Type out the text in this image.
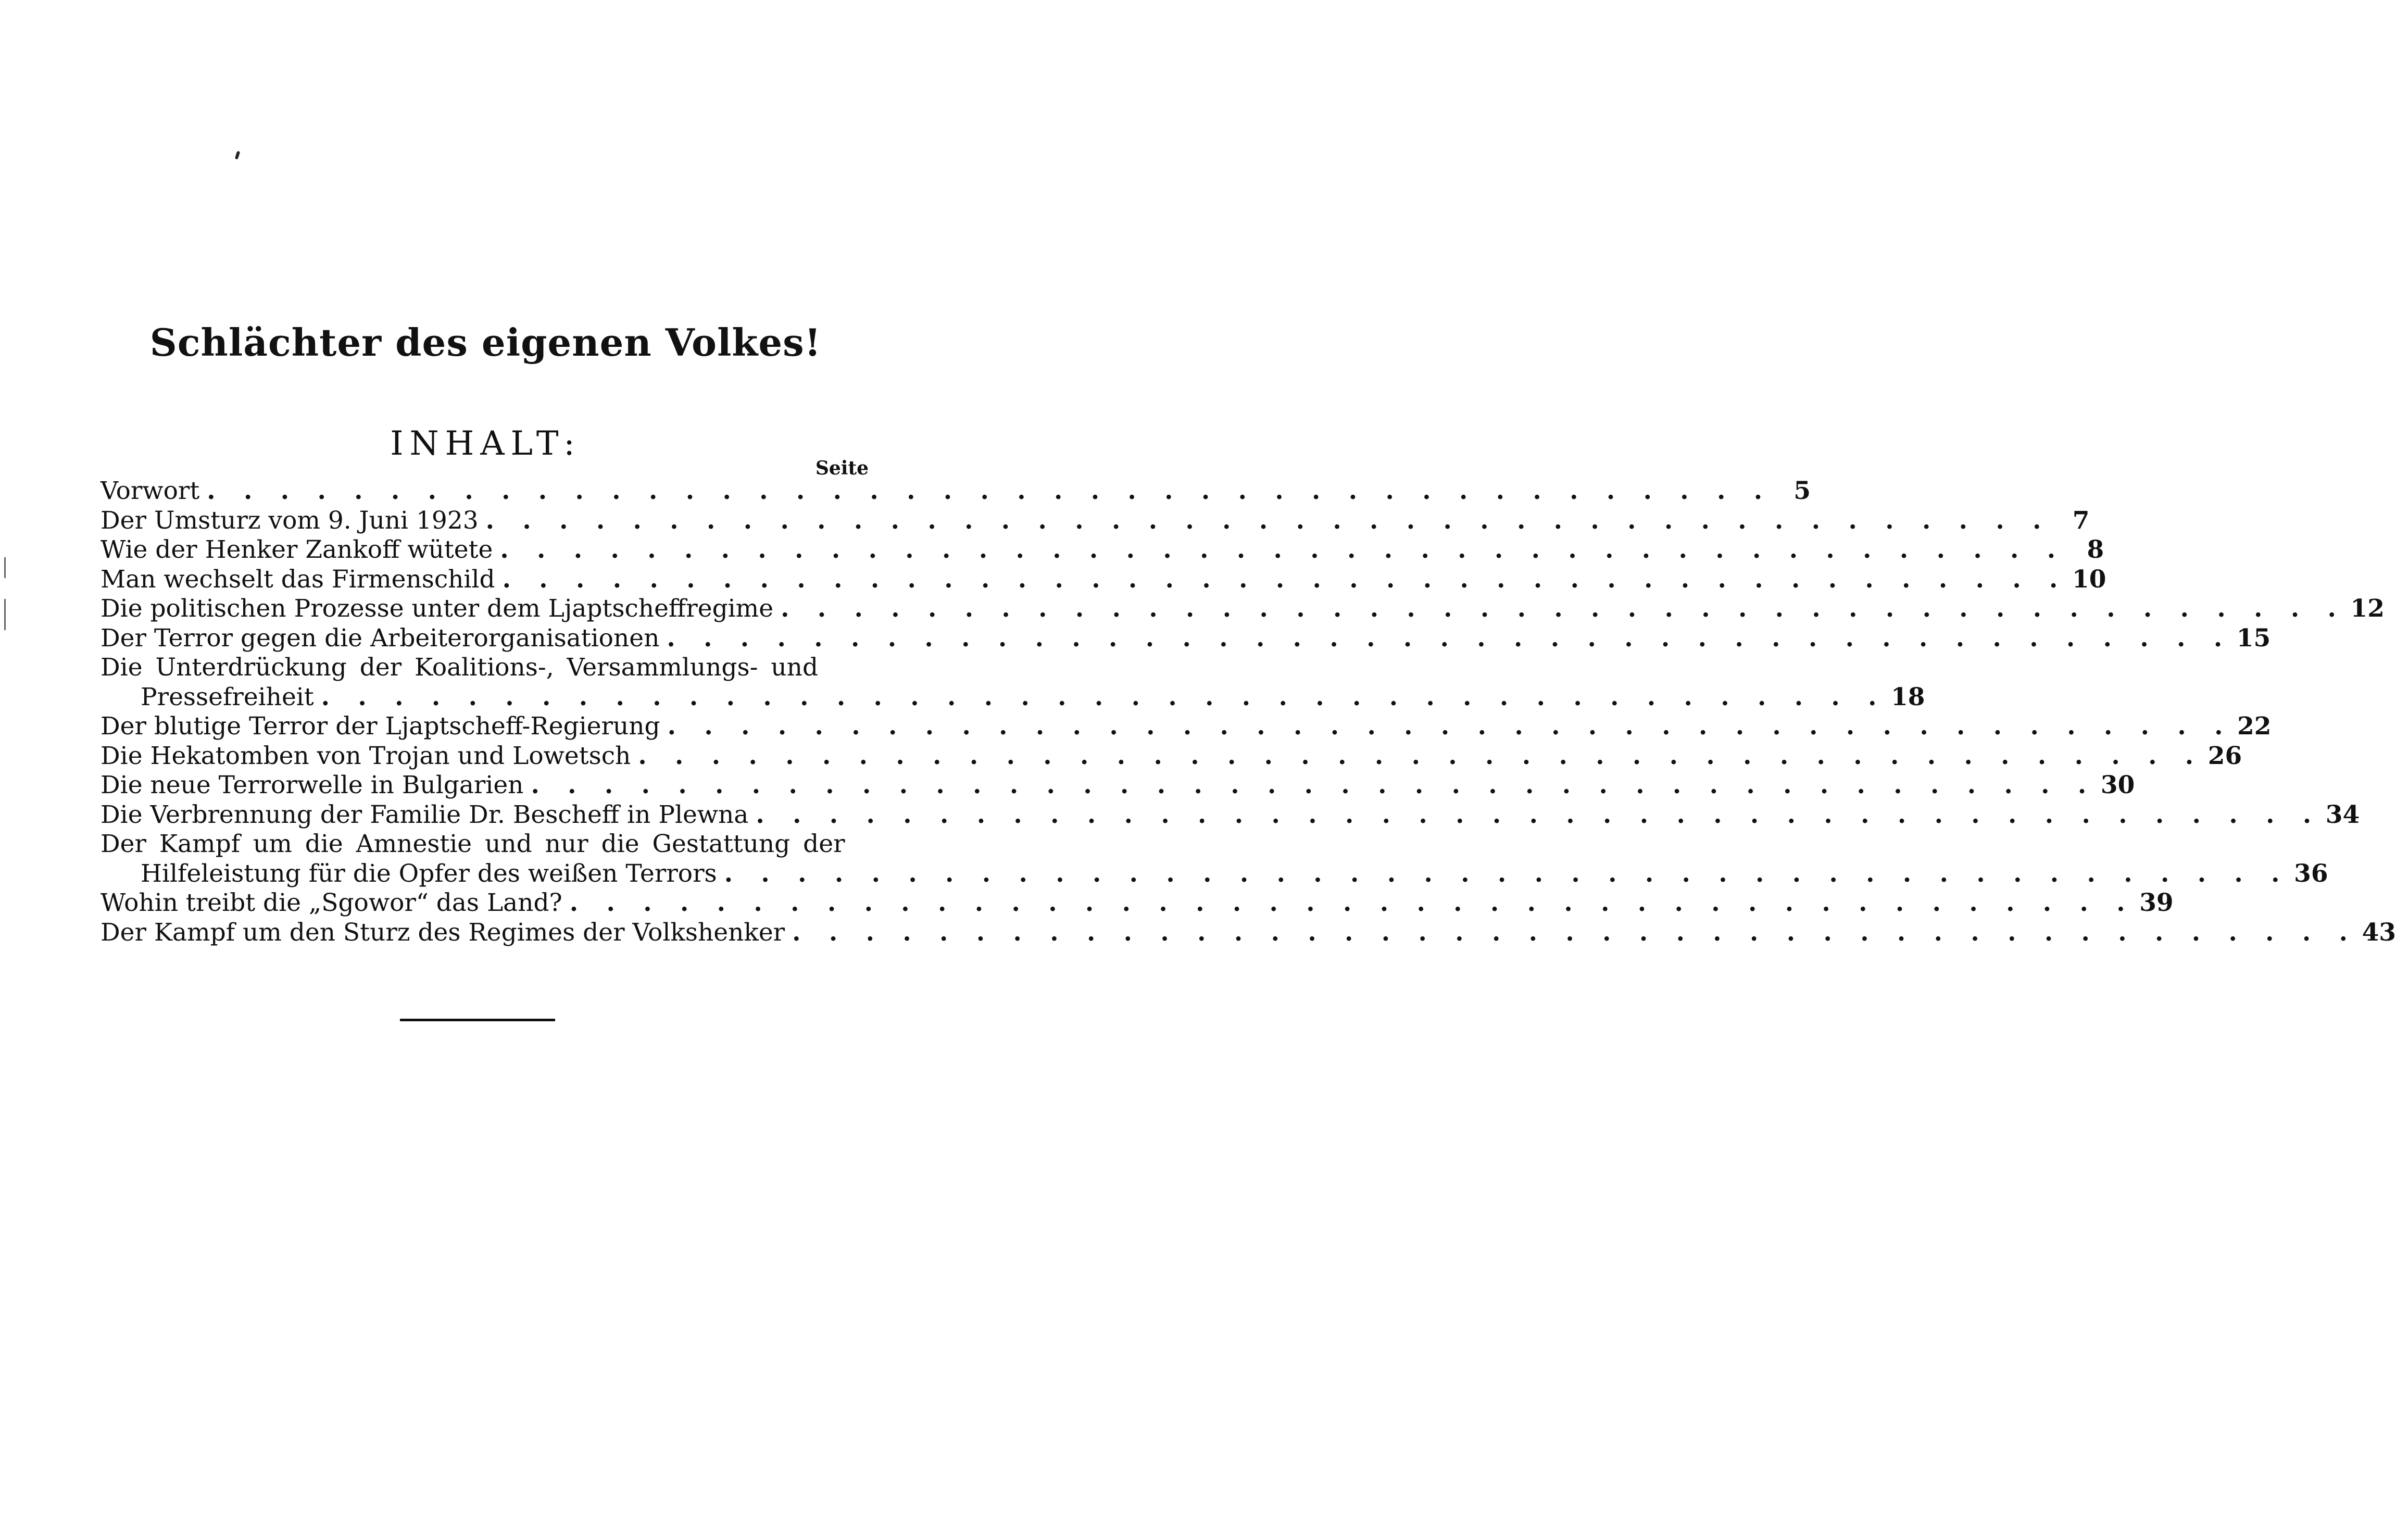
Schlächter des eigenen Volkes!
INHALT:
Seite
Vorwort . . . . . . . . . . . . . . . . . . . . . . . . . . . . . . . . . . . . . . . . . . . 5
Der Umsturz vom 9. Juni 1923 . . . . . . . . . . . . . . . . . . . . . . . . . . . . . . . . . . . . . . . . . . . 7
Wie der Henker Zankoff wütete . . . . . . . . . . . . . . . . . . . . . . . . . . . . . . . . . . . . . . . . . . . 8
Man wechselt das Firmenschild . . . . . . . . . . . . . . . . . . . . . . . . . . . . . . . . . . . . . . . . . . . 10
Die politischen Prozesse unter dem Ljaptscheffregime . . . . . . . . . . . . . . . . . . . . . . . . . . . . . . . . . . . . . . . . . . . 12
Der Terror gegen die Arbeiterorganisationen . . . . . . . . . . . . . . . . . . . . . . . . . . . . . . . . . . . . . . . . . . . 15
Die Unterdrückung der Koalitions-, Versammlungs- und
Pressefreiheit . . . . . . . . . . . . . . . . . . . . . . . . . . . . . . . . . . . . . . . . . . . 18
Der blutige Terror der Ljaptscheff-Regierung . . . . . . . . . . . . . . . . . . . . . . . . . . . . . . . . . . . . . . . . . . . 22
Die Hekatomben von Trojan und Lowetsch . . . . . . . . . . . . . . . . . . . . . . . . . . . . . . . . . . . . . . . . . . . 26
Die neue Terrorwelle in Bulgarien . . . . . . . . . . . . . . . . . . . . . . . . . . . . . . . . . . . . . . . . . . . 30
Die Verbrennung der Familie Dr. Bescheff in Plewna . . . . . . . . . . . . . . . . . . . . . . . . . . . . . . . . . . . . . . . . . . . 34
Der Kampf um die Amnestie und nur die Gestattung der
Hilfeleistung für die Opfer des weißen Terrors . . . . . . . . . . . . . . . . . . . . . . . . . . . . . . . . . . . . . . . . . . . 36
Wohin treibt die „Sgowor“ das Land? . . . . . . . . . . . . . . . . . . . . . . . . . . . . . . . . . . . . . . . . . . . 39
Der Kampf um den Sturz des Regimes der Volkshenker . . . . . . . . . . . . . . . . . . . . . . . . . . . . . . . . . . . . . . . . . . . 43
